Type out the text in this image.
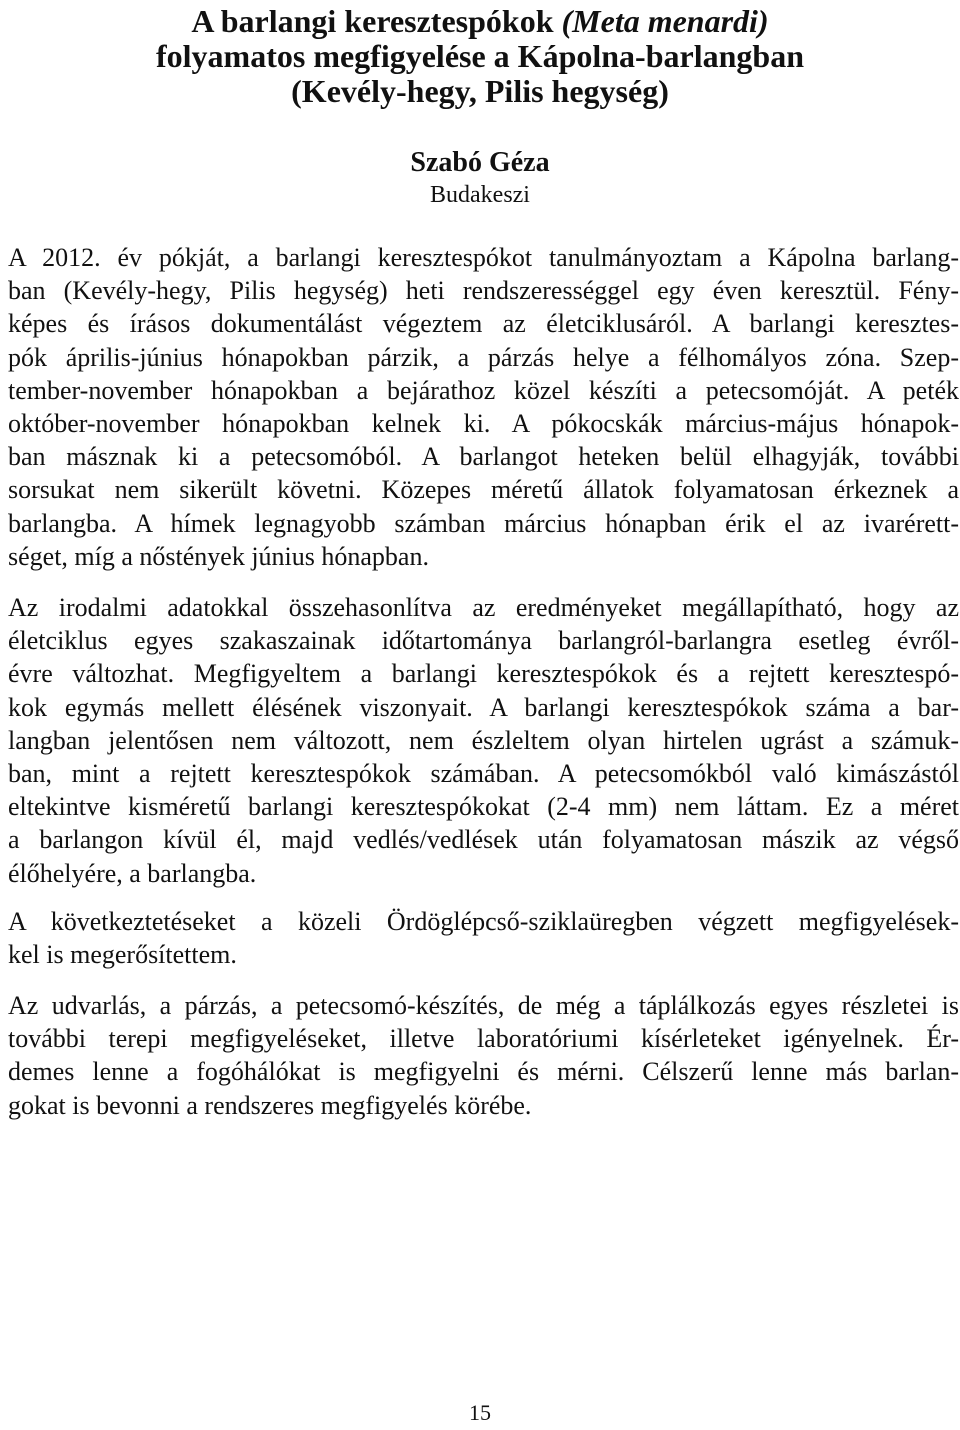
A barlangi keresztespókok (Meta menardi)
folyamatos megfigyelése a Kápolna-barlangban
(Kevély-hegy, Pilis hegység)

Szabó Géza

Budakeszi

A 2012. év pókját, a barlangi keresztespókot tanulmányoztam a Kápolna barlang-
ban (Kevély-hegy, Pilis hegység) heti rendszerességgel egy éven keresztül. Fény-
képes és írásos dokumentálást végeztem az életciklusáról. A barlangi keresztes-
pók április-június hónapokban párzik, a párzás helye a félhomályos zóna. Szep-
tember-november hónapokban a bejárathoz közel készíti a petecsomóját. A peték
október-november hónapokban kelnek ki. A pókocskák március-május hónapok-
ban másznak ki a petecsomóból. A barlangot heteken belül elhagyják, további
sorsukat nem sikerült követni. Közepes méretű állatok folyamatosan érkeznek a
barlangba. A hímek legnagyobb számban március hónapban érik el az ivarérett-
séget, míg a nőstények június hónapban.
Az irodalmi adatokkal összehasonlítva az eredményeket megállapítható, hogy az
életciklus egyes szakaszainak időtartománya barlangról-barlangra esetleg évről-
évre változhat. Megfigyeltem a barlangi keresztespókok és a rejtett keresztespó-
kok egymás mellett élésének viszonyait. A barlangi keresztespókok száma a bar-
langban jelentősen nem változott, nem észleltem olyan hirtelen ugrást a számuk-
ban, mint a rejtett keresztespókok számában. A petecsomókból való kimászástól
eltekintve kisméretű barlangi keresztespókokat (2-4 mm) nem láttam. Ez a méret
a barlangon kívül él, majd vedlés/vedlések után folyamatosan mászik az végső
élőhelyére, a barlangba.
A következtetéseket a közeli Ördöglépcső-sziklaüregben végzett megfigyelések-
kel is megerősítettem.
Az udvarlás, a párzás, a petecsomó-készítés, de még a táplálkozás egyes részletei is
további terepi megfigyeléseket, illetve laboratóriumi kísérleteket igényelnek. Ér-
demes lenne a fogóhálókat is megfigyelni és mérni. Célszerű lenne más barlan-
gokat is bevonni a rendszeres megfigyelés körébe.
15
